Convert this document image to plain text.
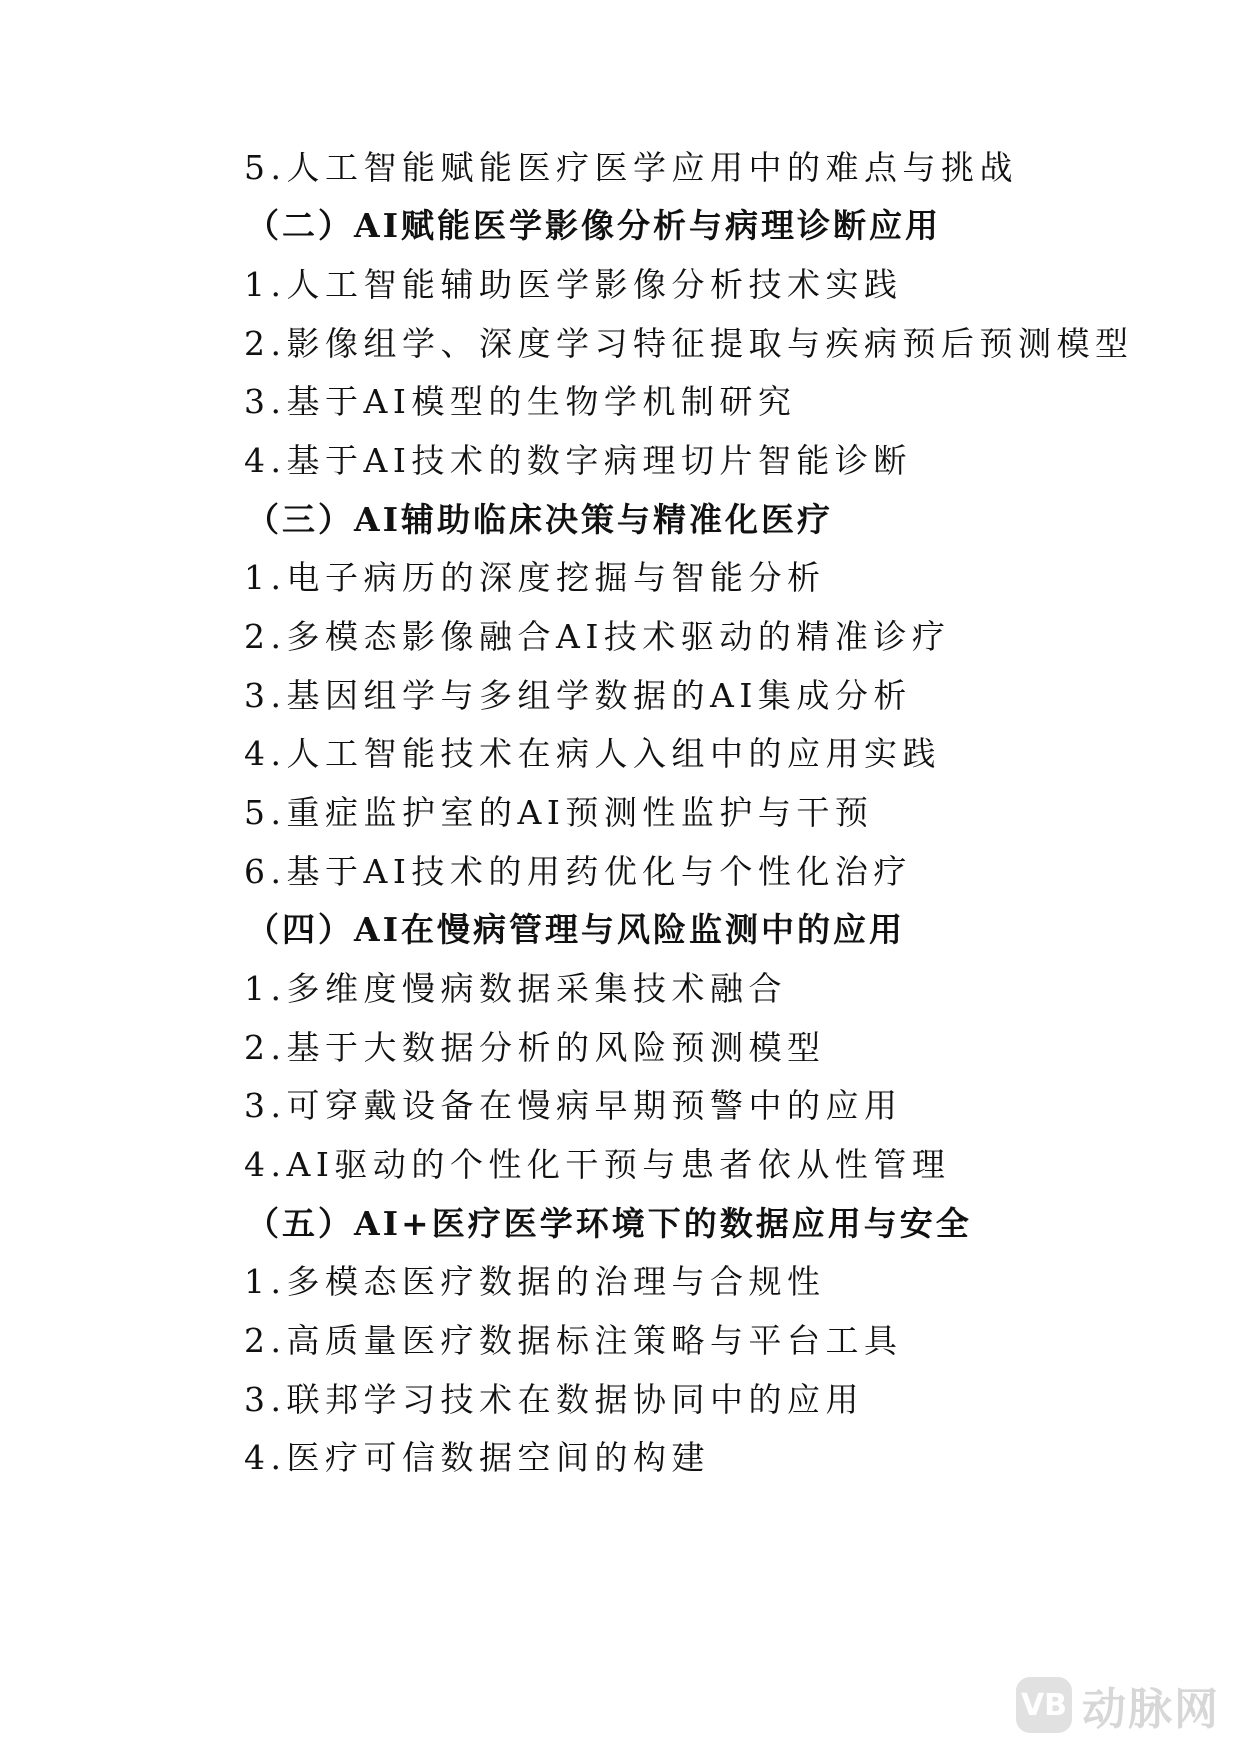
5.人工智能赋能医疗医学应用中的难点与挑战
（二）AI赋能医学影像分析与病理诊断应用
1.人工智能辅助医学影像分析技术实践
2.影像组学、深度学习特征提取与疾病预后预测模型
3.基于AI模型的生物学机制研究
4.基于AI技术的数字病理切片智能诊断
（三）AI辅助临床决策与精准化医疗
1.电子病历的深度挖掘与智能分析
2.多模态影像融合AI技术驱动的精准诊疗
3.基因组学与多组学数据的AI集成分析
4.人工智能技术在病人入组中的应用实践
5.重症监护室的AI预测性监护与干预
6.基于AI技术的用药优化与个性化治疗
（四）AI在慢病管理与风险监测中的应用
1.多维度慢病数据采集技术融合
2.基于大数据分析的风险预测模型
3.可穿戴设备在慢病早期预警中的应用
4.AI驱动的个性化干预与患者依从性管理
（五）AI+医疗医学环境下的数据应用与安全
1.多模态医疗数据的治理与合规性
2.高质量医疗数据标注策略与平台工具
3.联邦学习技术在数据协同中的应用
4.医疗可信数据空间的构建
VB 动脉网
